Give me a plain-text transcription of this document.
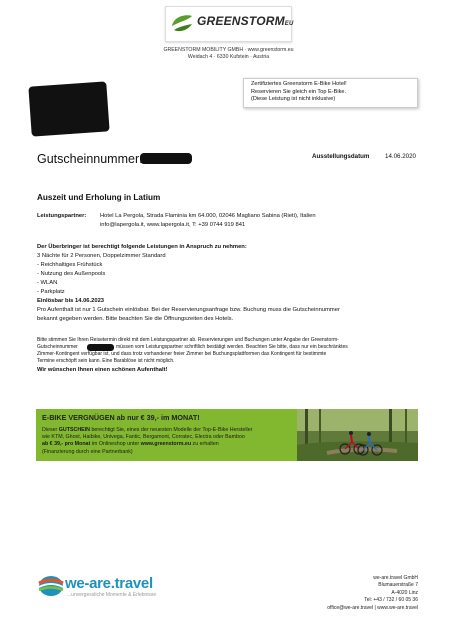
GREENSTORMEU
GREENSTORM MOBILITY GMBH · www.greenstorm.eu
Weidach 4 · 6330 Kufstein · Austria
Zertifiziertes Greenstorm E-Bike Hotel!
Reservieren Sie gleich ein Top E-Bike.
(Diese Leistung ist nicht inklusive)
Gutscheinnummer:	Ausstellungsdatum	14.06.2020
Auszeit und Erholung in Latium
Leistungspartner: Hotel La Pergola, Strada Flaminia km 64.000, 02046 Magliano Sabina (Rieti), Italien
info@lapergola.it, www.lapergola.it, T: +39 0744 919 841
Der Überbringer ist berechtigt folgende Leistungen in Anspruch zu nehmen:
3 Nächte für 2 Personen, Doppelzimmer Standard
- Reichhaltiges Frühstück
- Nutzung des Außenpools
- WLAN
- Parkplatz
Einlösbar bis 14.06.2023
Pro Aufenthalt ist nur 1 Gutschein einlösbar. Bei der Reservierungsanfrage bzw. Buchung muss die Gutscheinnummer
bekannt gegeben werden. Bitte beachten Sie die Öffnungszeiten des Hotels.
Bitte stimmen Sie Ihren Reisetermin direkt mit dem Leistungspartner ab. Reservierungen und Buchungen unter Angabe der Greenstorm-
Gutscheinnummer	müssen vom Leistungspartner schriftlich bestätigt werden. Beachten Sie bitte, dass nur ein beschränktes
Zimmer-Kontingent verfügbar ist, und dass trotz vorhandener freier Zimmer bei Buchungsplattformen das Kontingent für bestimmte
Termine erschöpft sein kann. Eine Barablöse ist nicht möglich.
Wir wünschen Ihnen einen schönen Aufenthalt!
E-BIKE VERGNÜGEN ab nur € 39,- im MONAT!
Dieser GUTSCHEIN berechtigt Sie, eines der neuesten Modelle der Top-E-Bike Hersteller
wie KTM, Ghost, Haibike, Univega, Fantic, Bergamont, Corratec, Electra oder Bamboo
ab € 39,- pro Monat im Onlineshop unter www.greenstorm.eu zu erhalten
(Finanzierung durch eine Partnerbank)
we-are.travel
...unvergessliche Momente & Erlebnisse
we-are.travel GmbH
Blumauerstraße 7
A-4020 Linz
Tel: +43 / 732 / 60 05 36
office@we-are.travel | www.we-are.travel
